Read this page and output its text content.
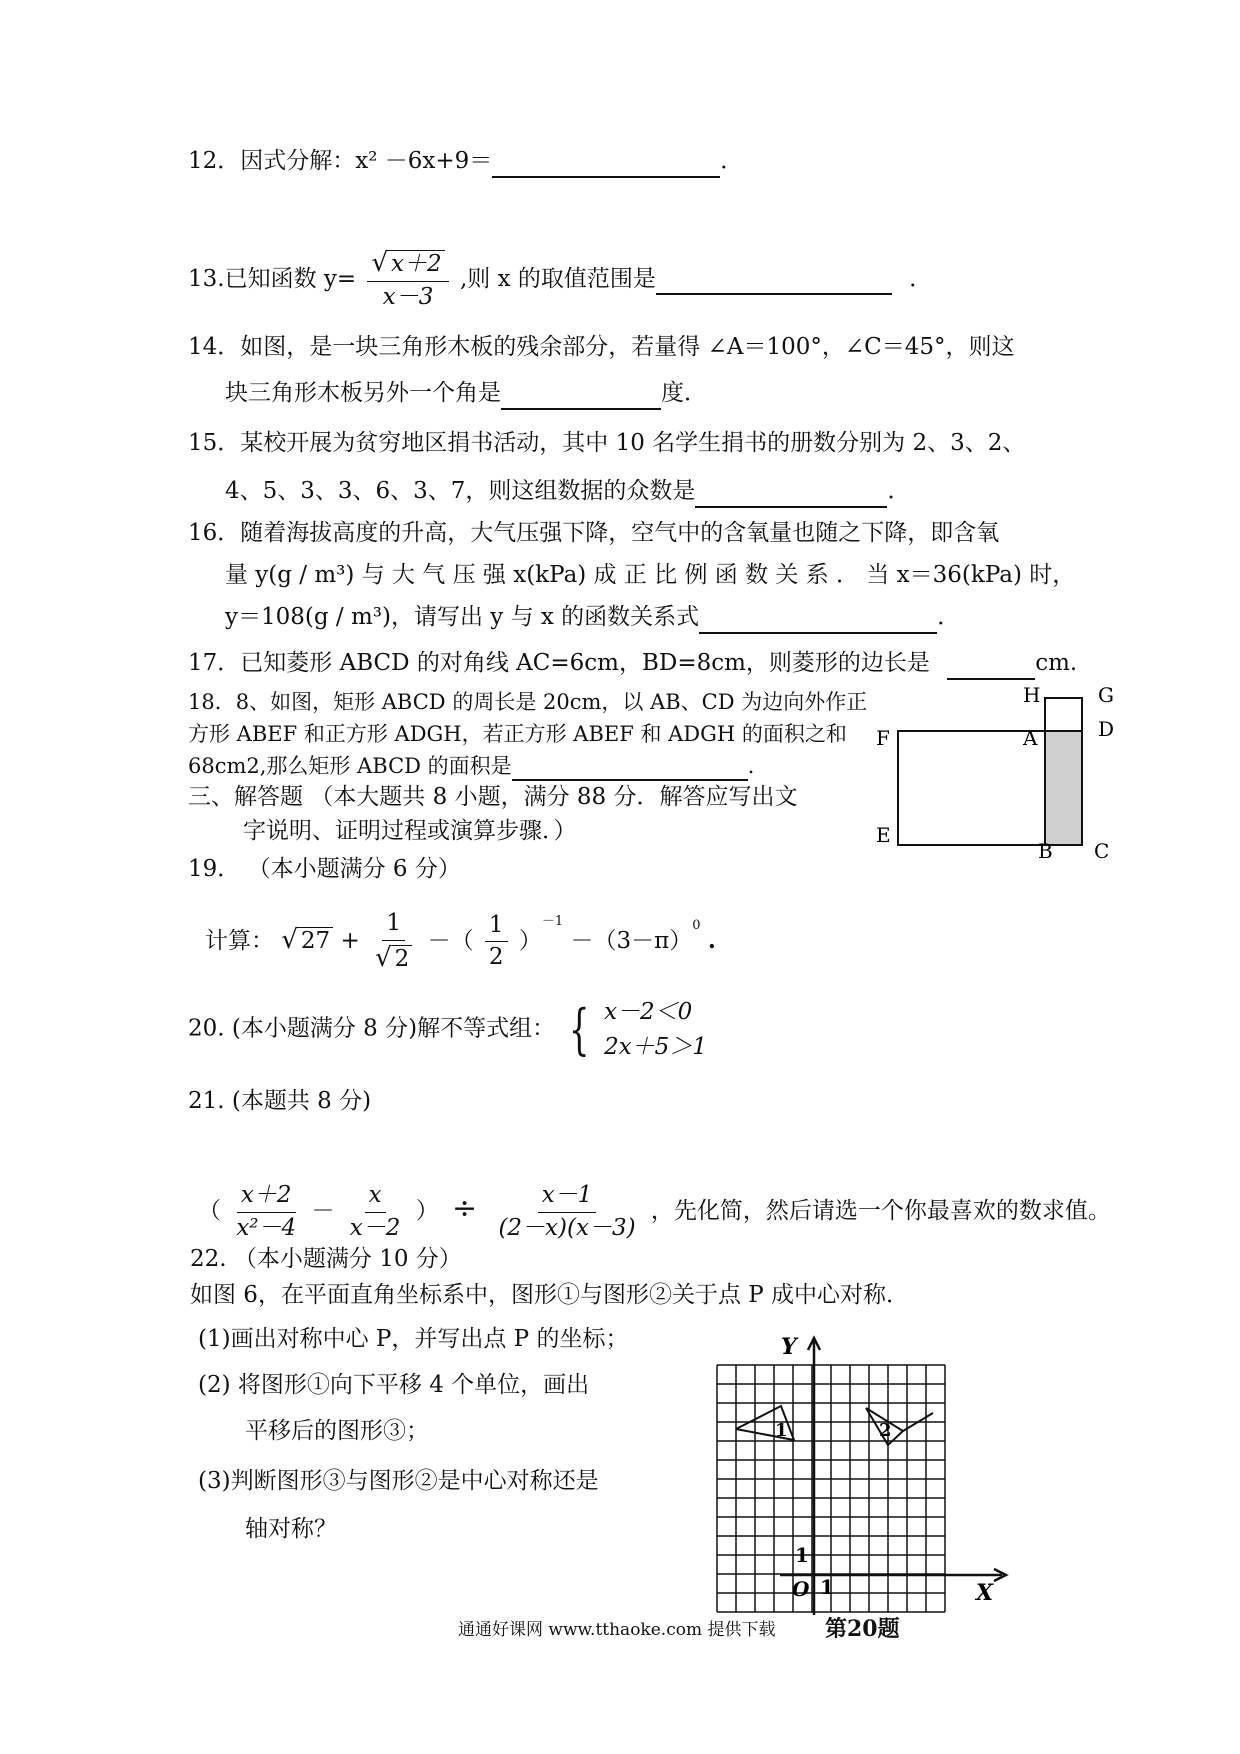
12．因式分解：x² －6x+9＝	．
13.已知函数 $y= \frac{√ x+2}{x-3}$ ,则 x 的取值范围是	．
14．如图，是一块三角形木板的残余部分，若量得 ∠A＝100°，∠C＝45°，则这
块三角形木板另外一个角是	度．
15．某校开展为贫穷地区捐书活动，其中 10 名学生捐书的册数分别为 2、3、2、
4、5、3、3、6、3、7，则这组数据的众数是	．
16．随着海拔高度的升高，大气压强下降，空气中的含氧量也随之下降，即含氧
量 y(g / m³) 与 大 气 压 强 x(kPa) 成 正 比 例 函 数 关 系 ． 当 x＝36(kPa) 时，
y＝108(g / m³)，请写出 y 与 x 的函数关系式	．
17．已知菱形 ABCD 的对角线 AC=6cm，BD=8cm，则菱形的边长是	cm.
18．8、如图，矩形 ABCD 的周长是 20cm，以 AB、CD 为边向外作正
方形 ABEF 和正方形 ADGH，若正方形 ABEF 和 ADGH 的面积之和
68cm2,那么矩形 ABCD 的面积是	．
H	G
D
F	A
E
B C
三、解答题 （本大题共 8 小题，满分 88 分．解答应写出文
字说明、证明过程或演算步骤．）
19． （本小题满分 6 分）
计算： √ $27 + \frac{1}{√ 2}$ －（ $\frac{1}{2} )^{-1} -(3-\pi)^0$ .
20. (本小题满分 8 分)解不等式组： { x－2＜0
2x＋5＞1
21. (本题共 8 分)
（ $\frac{x+2}{\text{x²－4}} - \frac{x}{x-2}$ ） ÷ $\frac{x-1}{(2-x)(x-3)}$ ，先化简，然后请选一个你最喜欢的数求值。
22. （本小题满分 10 分）
如图 6，在平面直角坐标系中，图形①与图形②关于点 P 成中心对称．
(1)画出对称中心 P，并写出点 P 的坐标；
(2) 将图形①向下平移 4 个单位，画出
平移后的图形③；
(3)判断图形③与图形②是中心对称还是
轴对称？
Y
X
1
1
O
1	2
第20题
通通好课网 www.tthaoke.com 提供下载
